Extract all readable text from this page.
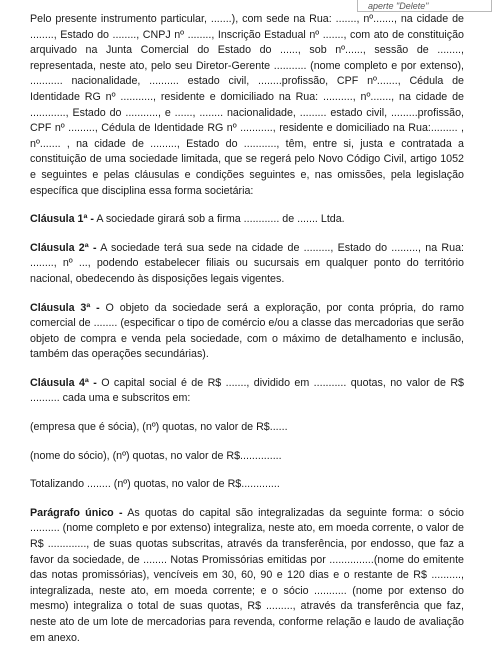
aperte "Delete"

Pelo presente instrumento particular, .......), com sede na Rua: ......., nº......., na cidade de ........, Estado do ........, CNPJ nº ........, Inscrição Estadual nº ......., com ato de constituição arquivado na Junta Comercial do Estado do ......, sob nº......, sessão de ........, representada, neste ato, pelo seu Diretor-Gerente ........... (nome completo e por extenso), ........... nacionalidade, .......... estado civil, ........profissão, CPF nº......., Cédula de Identidade RG nº ..........., residente e domiciliado na Rua: .........., nº......., na cidade de ............, Estado do ..........., e ......, ........ nacionalidade, ......... estado civil, .........profissão, CPF nº ........., Cédula de Identidade RG nº ..........., residente e domiciliado na Rua:......... , nº....... , na cidade de ........., Estado do ..........., têm, entre si, justa e contratada a constituição de uma sociedade limitada, que se regerá pelo Novo Código Civil, artigo 1052 e seguintes e pelas cláusulas e condições seguintes e, nas omissões, pela legislação específica que disciplina essa forma societária:

Cláusula 1ª - A sociedade girará sob a firma ............ de ....... Ltda.

Cláusula 2ª - A sociedade terá sua sede na cidade de ........., Estado do ........., na Rua: ........, nº ..., podendo estabelecer filiais ou sucursais em qualquer ponto do território nacional, obedecendo às disposições legais vigentes.

Cláusula 3ª - O objeto da sociedade será a exploração, por conta própria, do ramo comercial de ........ (especificar o tipo de comércio e/ou a classe das mercadorias que serão objeto de compra e venda pela sociedade, com o máximo de detalhamento e inclusão, também das operações secundárias).

Cláusula 4ª - O capital social é de R$ ......., dividido em ........... quotas, no valor de R$ .......... cada uma e subscritos em:

(empresa que é sócia), (nº) quotas, no valor de R$......

(nome do sócio), (nº) quotas, no valor de R$..............

Totalizando ........ (nº) quotas, no valor de R$.............

Parágrafo único - As quotas do capital são integralizadas da seguinte forma: o sócio .......... (nome completo e por extenso) integraliza, neste ato, em moeda corrente, o valor de R$ ............., de suas quotas subscritas, através da transferência, por endosso, que faz a favor da sociedade, de ........ Notas Promissórias emitidas por ...............(nome do emitente das notas promissórias), vencíveis em 30, 60, 90 e 120 dias e o restante de R$ .........., integralizada, neste ato, em moeda corrente; e o sócio ........... (nome por extenso do mesmo) integraliza o total de suas quotas, R$ ........., através da transferência que faz, neste ato de um lote de mercadorias para revenda, conforme relação e laudo de avaliação em anexo.
